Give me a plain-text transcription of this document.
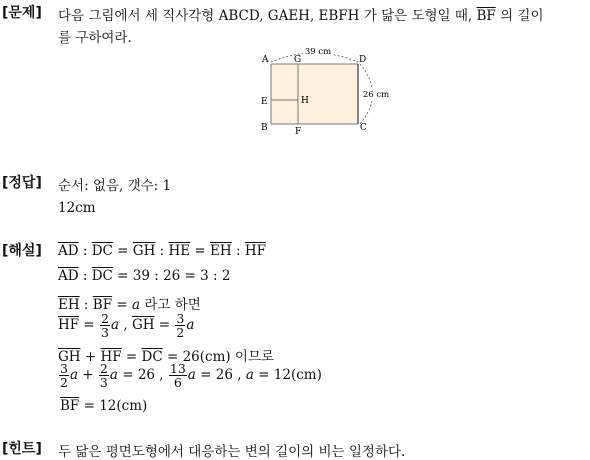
[문제]
[정답]
[해설]
[힌트]
다음 그림에서 세 직사각형 ABCD, GAEH, EBFH 가 닮은 도형일 때, $\overline{BF}$ 의 길이
를 구하여라.
39 cm
26 cm
A	G	D
E	H
B	F	C
순서: 없음, 갯수: 1
12cm
$\overline{AD}$ : $\overline{DC} = \overline{GH}$ : $\overline{HE} = \overline{EH}$ : $\overline{HF}$
$\overline{AD}$ : $\overline{DC} = 39$ : 26 = 3 : 2
$\overline{EH}$ : $\overline{BF} = a$ 라고 하면
$\overline{HF} = \frac{2}{3}$ a , $\overline{GH} = \frac{3}{2}$ a
$\overline{GH} + \overline{HF} = \overline{DC} = 26(cm)$ 이므로
$\frac{3}{2}$ $a + \frac{2}{3}$ a = 26 , $\frac{13}{6}$ a = 26 , a = 12(cm)
$\overline{BF} = 12(cm)$
두 닮은 평면도형에서 대응하는 변의 길이의 비는 일정하다.
